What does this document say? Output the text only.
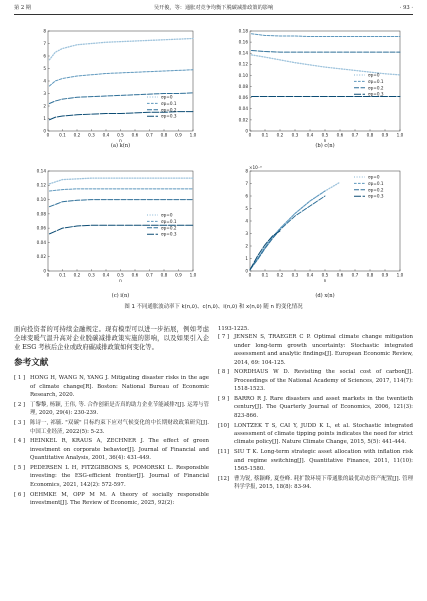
第 2 期	吴开俊，等：通胀对竞争均衡下脱碳减排政策的影响	· 93 ·
0 0.1 0.2 0.3 0.4 0.5 0.6 0.7 0.8 0.9 1.0
0
1
2
3
4
5
6
7
8
n
(a) k(n)
σp=0
σp=0.1
σp=0.2
σp=0.3
0 0.1 0.2 0.3 0.4 0.5 0.6 0.7 0.8 0.9 1.0
0
0.02
0.04
0.06
0.08
0.10
0.12
0.14
0.16
0.18
n
(b) c(n)
σp=0
σp=0.1
σp=0.2
σp=0.3
0 0.1 0.2 0.3 0.4 0.5 0.6 0.7 0.8 0.9 1.0
0
0.02
0.04
0.06
0.08
0.10
0.12
0.14
n
(c) i(n)
σp=0
σp=0.1
σp=0.2
σp=0.3
0 0.1 0.2 0.3 0.4 0.5 0.6 0.7 0.8 0.9 1.0
0
1
2
3
4
5
6
7
8
×10⁻³
n
(d) x(n)
σp=0
σp=0.1
σp=0.2
σp=0.3
图 1 不同通胀波动率下 k(n,ῡ)、c(n,ῡ)、i(n,ῡ) 和 x(n,ῡ) 随 n 的变化情况
面向投资者的可持续金融规定。现有模型可以进一步拓展，例如考虑全球变暖气温升高对企业脱碳减排政策实施的影响，以及如果引入企业 ESG 考核后企业或政府碳减排政策如何变化等。
参考文献
[ 1 ] HONG H, WANG N, YANG J. Mitigating disaster risks in the age of climate change[R]. Boston: National Bureau of Economic Research, 2020.
[ 2 ] 丁黎黎, 杨颖, 王伟, 等. 合作创新是否真的助力企业节能减排?[J]. 运筹与管理, 2020, 29(4): 230-239.
[ 3 ] 陈诗一, 祁毓. "双碳" 目标约束下应对气候变化的中长期财政政策研究[J]. 中国工业经济, 2022(5): 5-23.
[ 4 ] HEINKEL R, KRAUS A, ZECHNER J. The effect of green investment on corporate behavior[J]. Journal of Financial and Quantitative Analysis, 2001, 36(4): 431-449.
[ 5 ] PEDERSEN L H, FITZGIBBONS S, POMORSKI L. Responsible investing: the ESG-efficient frontier[J]. Journal of Financial Economics, 2021, 142(2): 572-597.
[ 6 ] OEHMKE M, OPP M M. A theory of socially responsible investment[J]. The Review of Economic, 2025, 92(2):
1193-1225.
[ 7 ] JENSEN S, TRAEGER C P. Optimal climate change mitigation under long-term growth uncertainty: Stochastic integrated assessment and analytic findings[J]. European Economic Review, 2014, 69: 104-125.
[ 8 ] NORDHAUS W D. Revisiting the social cost of carbon[J]. Proceedings of the National Academy of Sciences, 2017, 114(7): 1518-1523.
[ 9 ] BARRO R J. Rare disasters and asset markets in the twentieth century[J]. The Quarterly Journal of Economics, 2006, 121(3): 823-866.
[10] LONTZEK T S, CAI Y, JUDD K L, et al. Stochastic integrated assessment of climate tipping points indicates the need for strict climate policy[J]. Nature Climate Change, 2015, 5(5): 441-444.
[11] SIU T K. Long-term strategic asset allocation with inflation risk and regime switching[J]. Quantitative Finance, 2011, 11(10): 1565-1580.
[12] 曹为锐, 蔡颖峰, 夏登峰. 耗扩散环境下带通胀的最优动态资产配置[J]. 管理科学学报, 2015, 18(8): 83-94.
